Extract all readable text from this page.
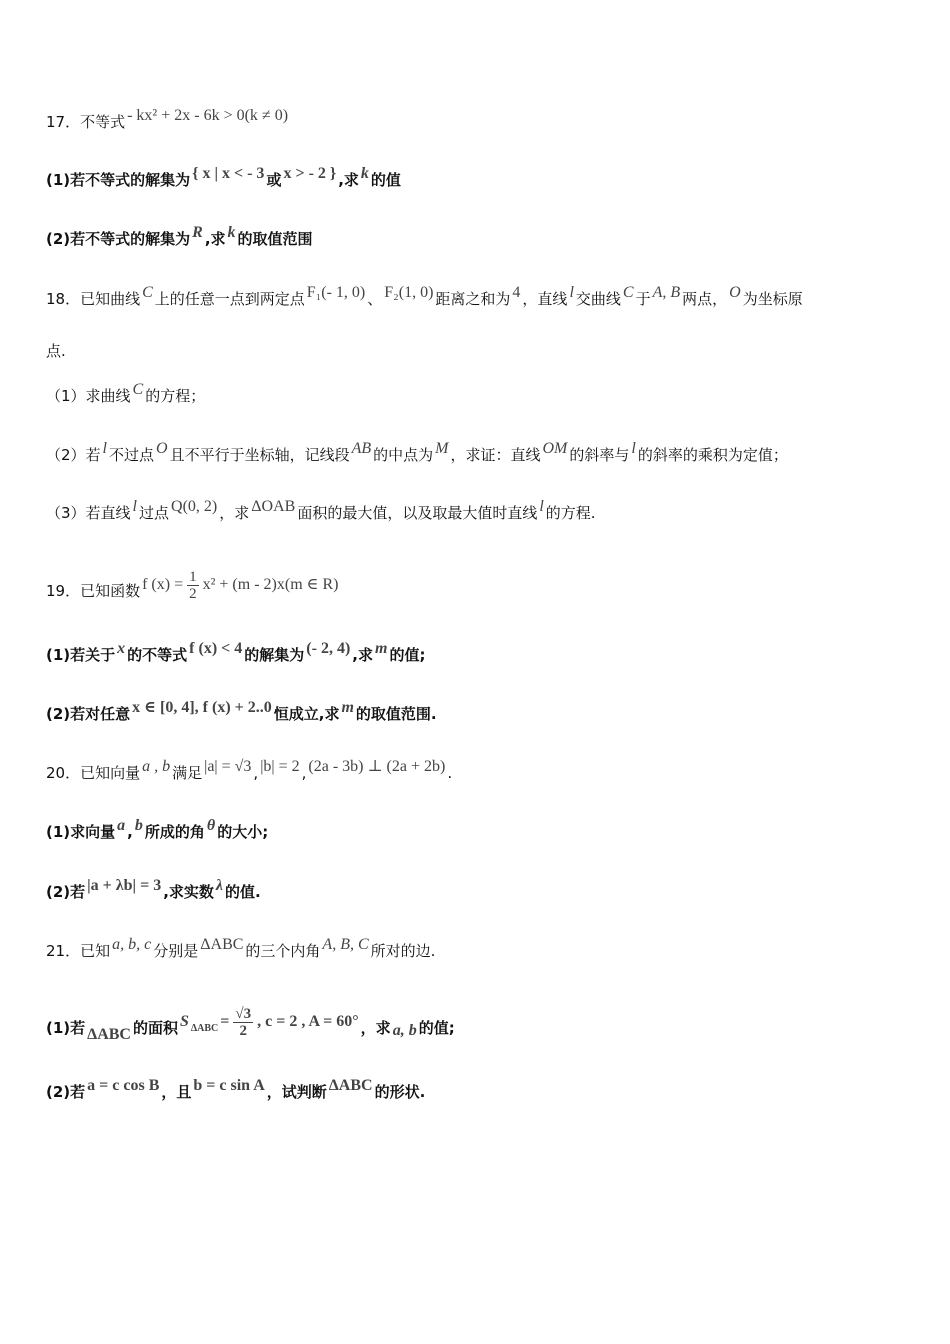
17．不等式 - kx² + 2x - 6k > 0(k ≠ 0)
(1)若不等式的解集为 { x | x < - 3 或 x > - 2 } ,求 k 的值
(2)若不等式的解集为 R ,求 k 的取值范围
18．已知曲线 C 上的任意一点到两定点 F₁(- 1, 0) 、 F₂(1, 0) 距离之和为 4 ，直线 l 交曲线 C 于 A, B 两点， O 为坐标原
点.
（1）求曲线 C 的方程；
（2）若 l 不过点 O 且不平行于坐标轴，记线段 AB 的中点为 M ，求证：直线 OM 的斜率与 l 的斜率的乘积为定值；
（3）若直线 l 过点 Q(0, 2) ，求 ΔOAB 面积的最大值，以及取最大值时直线 l 的方程.
19．已知函数 f $(x) = \frac{1}{2} x^2 + (m - 2)x(m$ ∈ R)
(1)若关于 x 的不等式 f (x) < 4 的解集为 (- 2, 4) ,求 m 的值;
(2)若对任意 x ∈ [0, 4], f (x) + 2..0 恒成立,求 m 的取值范围.
20．已知向量 a , b 满足 |a| = √3 , |b| = 2 , (2a - 3b) ⊥ (2a + 2b) .
(1)求向量 a , b 所成的角 θ 的大小;
(2)若 |a + λb| = 3 ,求实数 λ 的值.
21．已知 a, b, c 分别是 ΔABC 的三个内角 A, B, C 所对的边.
(1)若 ΔABC 的面积 S $\Delta ABC = \frac{√3}{2}$ , c = 2 , A = 60° ，求 a, b 的值;
(2)若 a = c cos B ，且 b = c sin A ，试判断 ΔABC 的形状.
